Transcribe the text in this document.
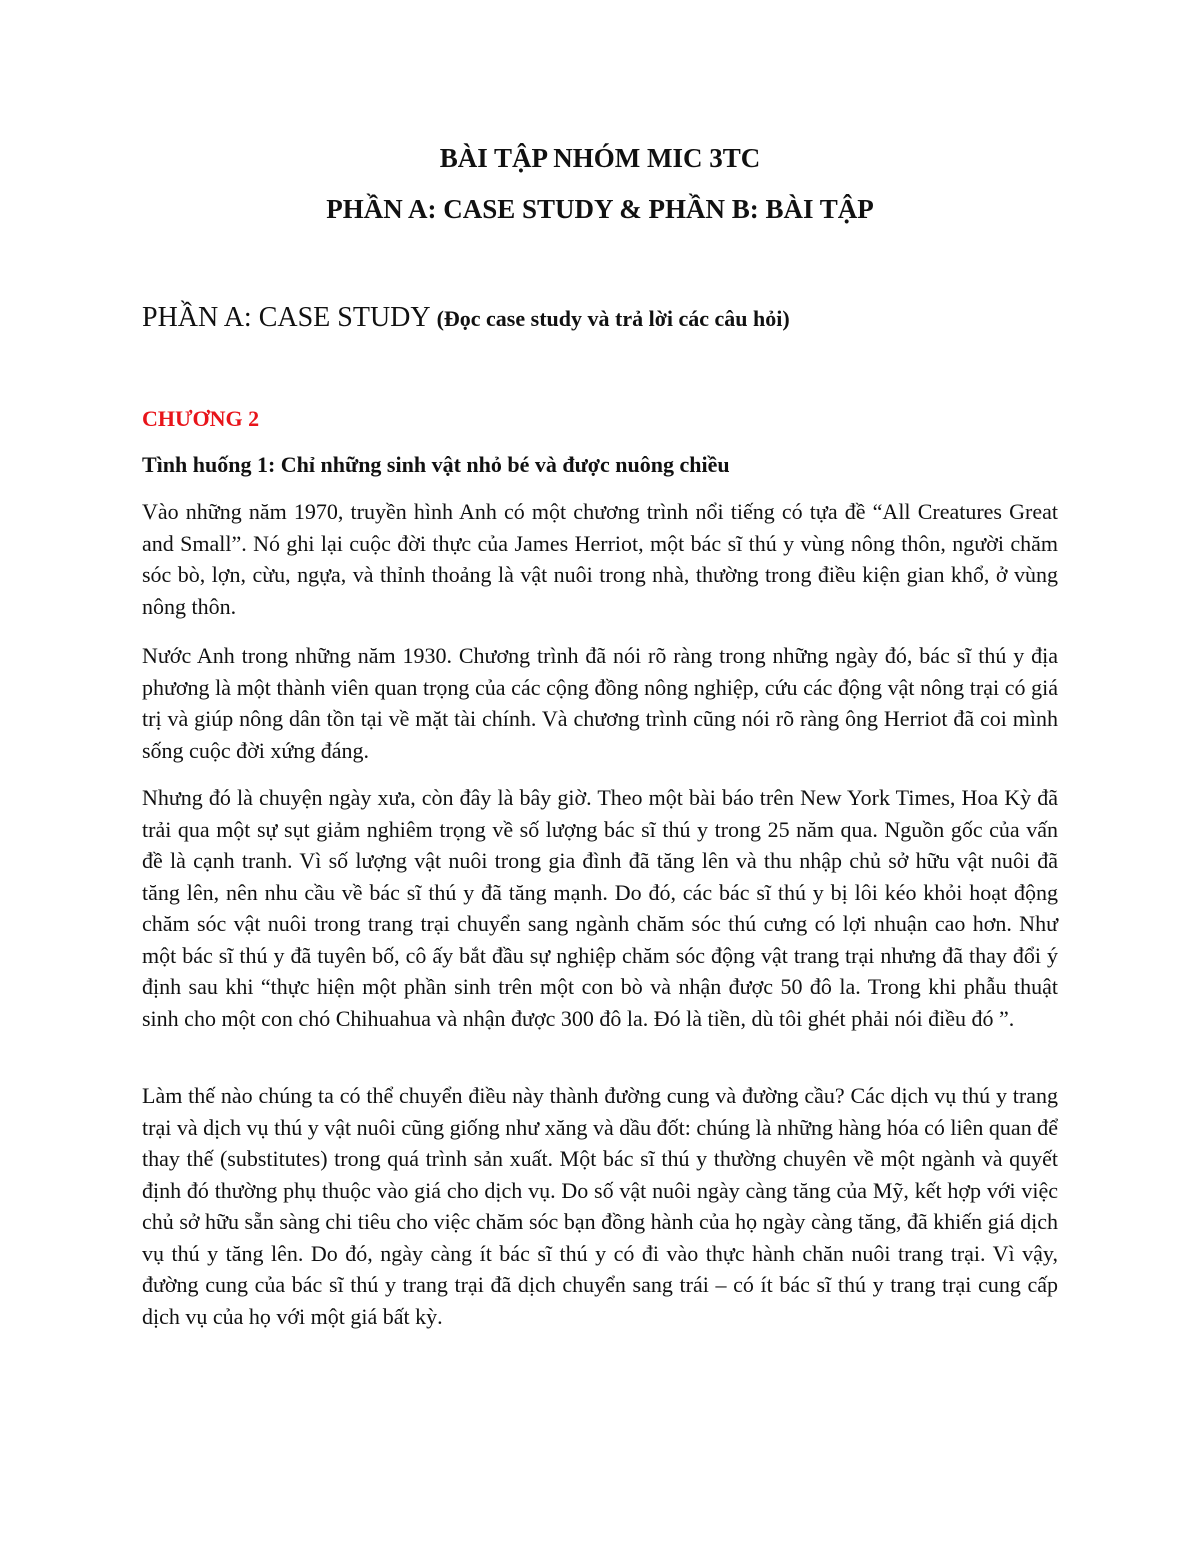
BÀI TẬP NHÓM MIC 3TC
PHẦN A: CASE STUDY & PHẦN B: BÀI TẬP
PHẦN A: CASE STUDY (Đọc case study và trả lời các câu hỏi)
CHƯƠNG 2
Tình huống 1: Chỉ những sinh vật nhỏ bé và được nuông chiều

Vào những năm 1970, truyền hình Anh có một chương trình nổi tiếng có tựa đề “All Creatures Great and Small”. Nó ghi lại cuộc đời thực của James Herriot, một bác sĩ thú y vùng nông thôn, người chăm sóc bò, lợn, cừu, ngựa, và thỉnh thoảng là vật nuôi trong nhà, thường trong điều kiện gian khổ, ở vùng nông thôn.

Nước Anh trong những năm 1930. Chương trình đã nói rõ ràng trong những ngày đó, bác sĩ thú y địa phương là một thành viên quan trọng của các cộng đồng nông nghiệp, cứu các động vật nông trại có giá trị và giúp nông dân tồn tại về mặt tài chính. Và chương trình cũng nói rõ ràng ông Herriot đã coi mình sống cuộc đời xứng đáng.

Nhưng đó là chuyện ngày xưa, còn đây là bây giờ. Theo một bài báo trên New York Times, Hoa Kỳ đã trải qua một sự sụt giảm nghiêm trọng về số lượng bác sĩ thú y trong 25 năm qua. Nguồn gốc của vấn đề là cạnh tranh. Vì số lượng vật nuôi trong gia đình đã tăng lên và thu nhập chủ sở hữu vật nuôi đã tăng lên, nên nhu cầu về bác sĩ thú y đã tăng mạnh. Do đó, các bác sĩ thú y bị lôi kéo khỏi hoạt động chăm sóc vật nuôi trong trang trại chuyển sang ngành chăm sóc thú cưng có lợi nhuận cao hơn. Như một bác sĩ thú y đã tuyên bố, cô ấy bắt đầu sự nghiệp chăm sóc động vật trang trại nhưng đã thay đổi ý định sau khi “thực hiện một phần sinh trên một con bò và nhận được 50 đô la. Trong khi phẫu thuật sinh cho một con chó Chihuahua và nhận được 300 đô la. Đó là tiền, dù tôi ghét phải nói điều đó ”.

Làm thế nào chúng ta có thể chuyển điều này thành đường cung và đường cầu? Các dịch vụ thú y trang trại và dịch vụ thú y vật nuôi cũng giống như xăng và dầu đốt: chúng là những hàng hóa có liên quan để thay thế (substitutes) trong quá trình sản xuất. Một bác sĩ thú y thường chuyên về một ngành và quyết định đó thường phụ thuộc vào giá cho dịch vụ. Do số vật nuôi ngày càng tăng của Mỹ, kết hợp với việc chủ sở hữu sẵn sàng chi tiêu cho việc chăm sóc bạn đồng hành của họ ngày càng tăng, đã khiến giá dịch vụ thú y tăng lên. Do đó, ngày càng ít bác sĩ thú y có đi vào thực hành chăn nuôi trang trại. Vì vậy, đường cung của bác sĩ thú y trang trại đã dịch chuyển sang trái – có ít bác sĩ thú y trang trại cung cấp dịch vụ của họ với một giá bất kỳ.
